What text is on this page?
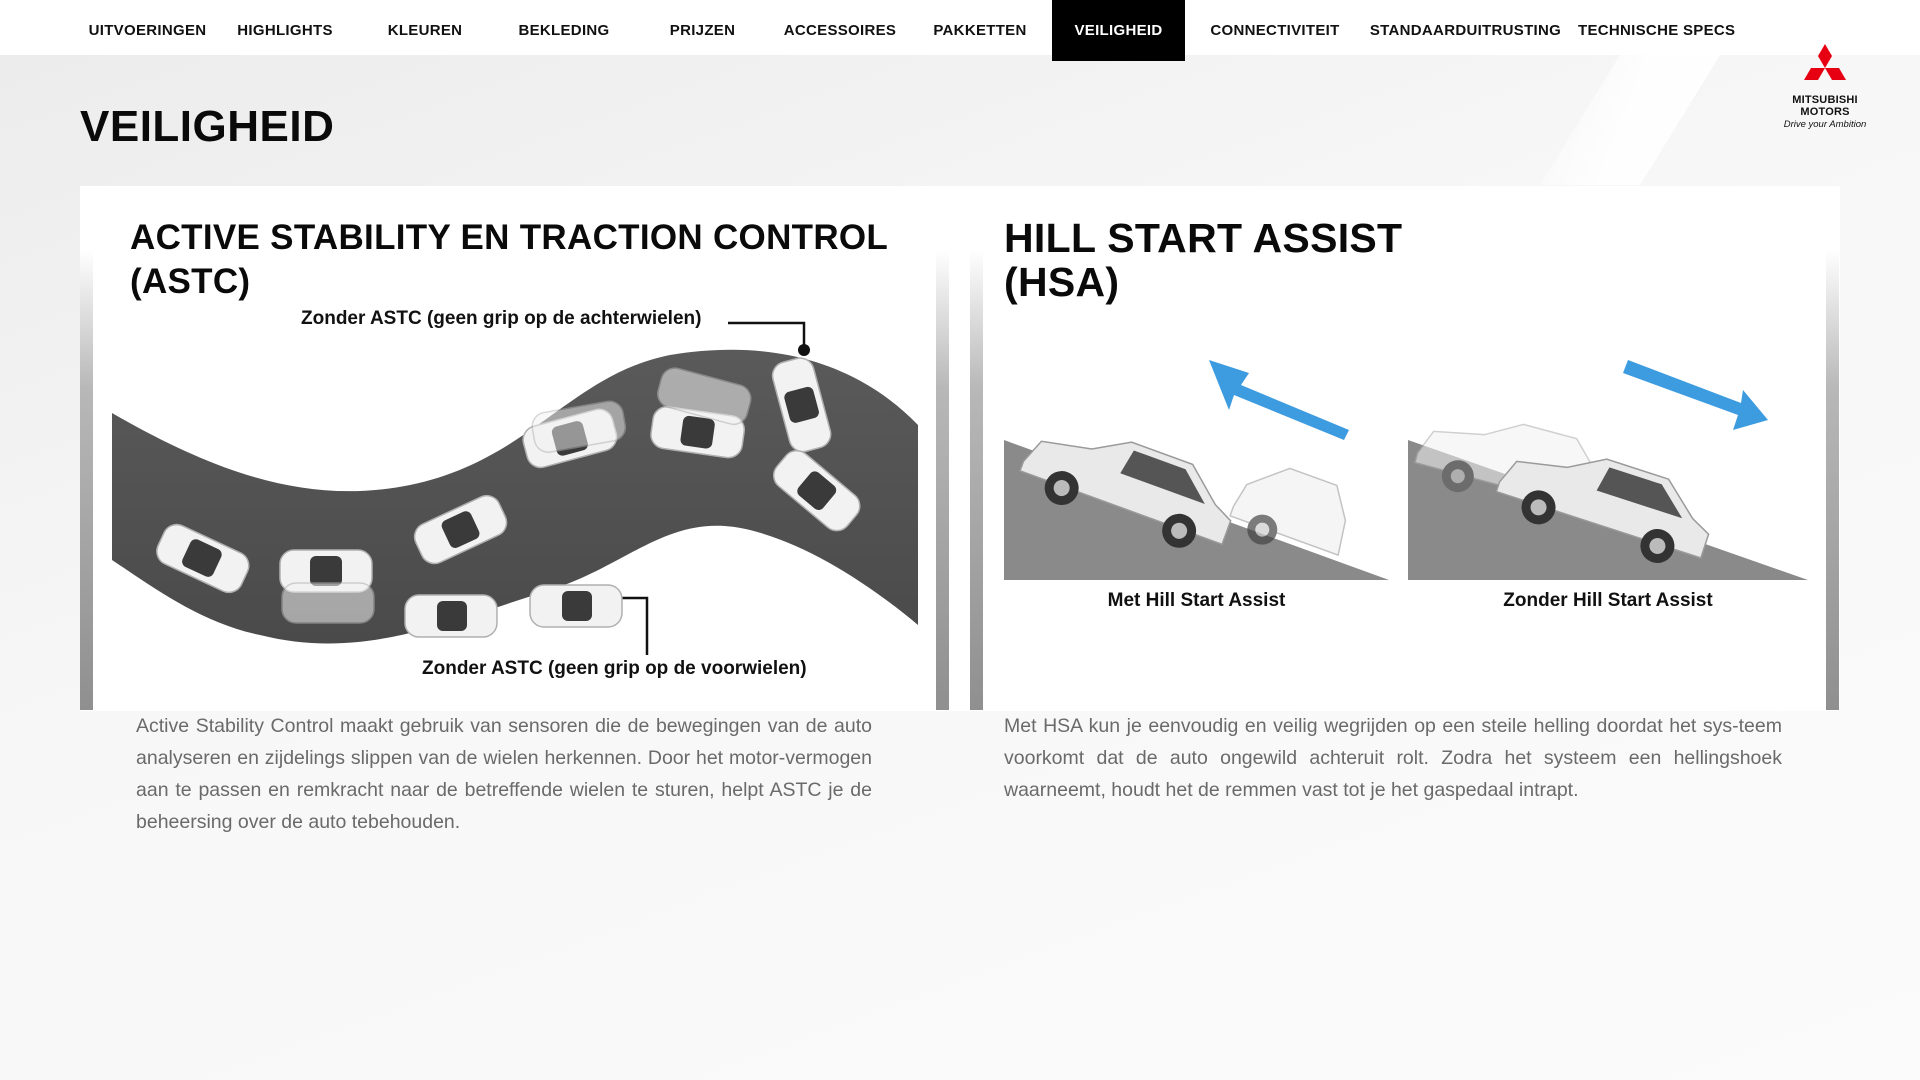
UITVOERINGEN	HIGHLIGHTS	KLEUREN	BEKLEDING	PRIJZEN	ACCESSOIRES	PAKKETTEN	VEILIGHEID	CONNECTIVITEIT	STANDAARDUITRUSTING TECHNISCHE SPECS
MITSUBISHI
MOTORS
Drive your Ambition
VEILIGHEID
ACTIVE STABILITY EN TRACTION CONTROL
(ASTC)
Zonder ASTC (geen grip op de achterwielen)
Zonder ASTC (geen grip op de voorwielen)

Active Stability Control maakt gebruik van sensoren die de bewegingen van de auto analyseren en zijdelings slippen van de wielen herkennen. Door het motor-vermogen aan te passen en remkracht naar de betreffende wielen te sturen, helpt ASTC je de beheersing over de auto tebehouden.

HILL START ASSIST
(HSA)
Met Hill Start Assist	Zonder Hill Start Assist

Met HSA kun je eenvoudig en veilig wegrijden op een steile helling doordat het sys-teem voorkomt dat de auto ongewild achteruit rolt. Zodra het systeem een hellingshoek waarneemt, houdt het de remmen vast tot je het gaspedaal intrapt.
